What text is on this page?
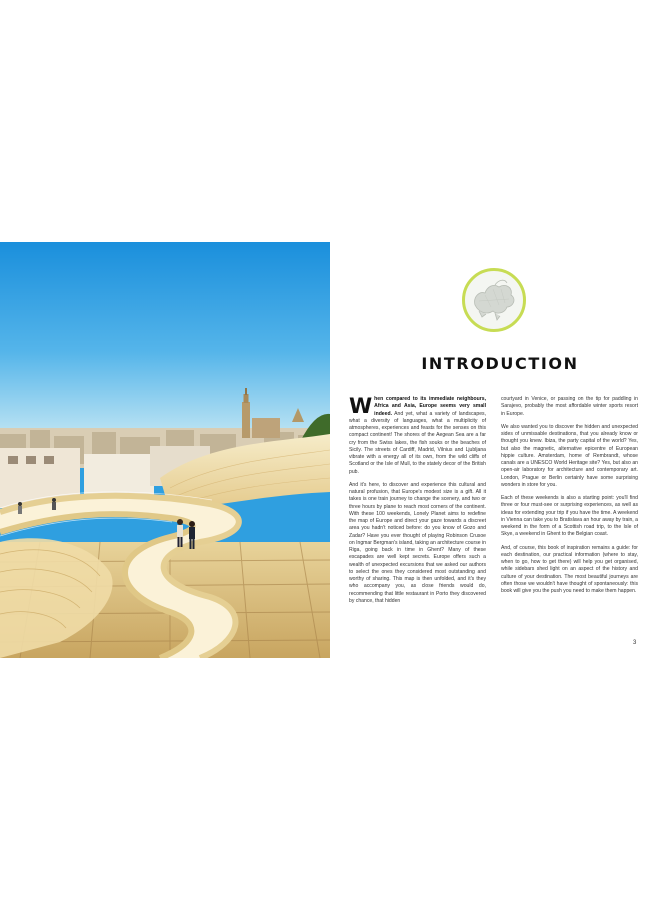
INTRODUCTION

When compared to its immediate neighbours, Africa and Asia, Europe seems very small indeed. And yet, what a variety of landscapes, what a diversity of languages, what a multiplicity of atmospheres, experiences and feasts for the senses on this compact continent! The shores of the Aegean Sea are a far cry from the Swiss lakes, the fish souks or the beaches of Sicily. The streets of Cardiff, Madrid, Vilnius and Ljubljana vibrate with a energy all of its own, from the wild cliffs of Scotland or the Isle of Mull, to the stately decor of the British pub.

And it's here, to discover and experience this cultural and natural profusion, that Europe's modest size is a gift. All it takes is one train journey to change the scenery, and two or three hours by plane to reach most corners of the continent. With these 100 weekends, Lonely Planet aims to redefine the map of Europe and direct your gaze towards a discreet area you hadn't noticed before: do you know of Gozo and Zadar? Have you ever thought of playing Robinson Crusoe on Ingmar Bergman's island, taking an architecture course in Riga, going back in time in Ghent? Many of these escapades are well kept secrets. Europe offers such a wealth of unexpected excursions that we asked our authors to select the ones they considered most outstanding and worthy of sharing. This map is then unfolded, and it's they who accompany you, as close friends would do, recommending that little restaurant in Porto they discovered by chance, that hidden

courtyard in Venice, or passing on the tip for paddling in Sarajevo, probably the most affordable winter sports resort in Europe.

We also wanted you to discover the hidden and unexpected sides of unmissable destinations, that you already know or thought you knew. Ibiza, the party capital of the world? Yes, but also the magnetic, alternative epicentre of European hippie culture. Amsterdam, home of Rembrandt, whose canals are a UNESCO World Heritage site? Yes, but also an open-air laboratory for architecture and contemporary art. London, Prague or Berlin certainly have some surprising wonders in store for you.

Each of these weekends is also a starting point: you'll find three or four must-see or surprising experiences, as well as ideas for extending your trip if you have the time. A weekend in Vienna can take you to Bratislava an hour away by train, a weekend in the form of a Scottish road trip, to the Isle of Skye, a weekend in Ghent to the Belgian coast.

And, of course, this book of inspiration remains a guide: for each destination, our practical information (where to stay, when to go, how to get there) will help you get organised, while sidebars shed light on an aspect of the history and culture of your destination. The most beautiful journeys are often those we wouldn't have thought of spontaneously: this book will give you the push you need to make them happen.

3
